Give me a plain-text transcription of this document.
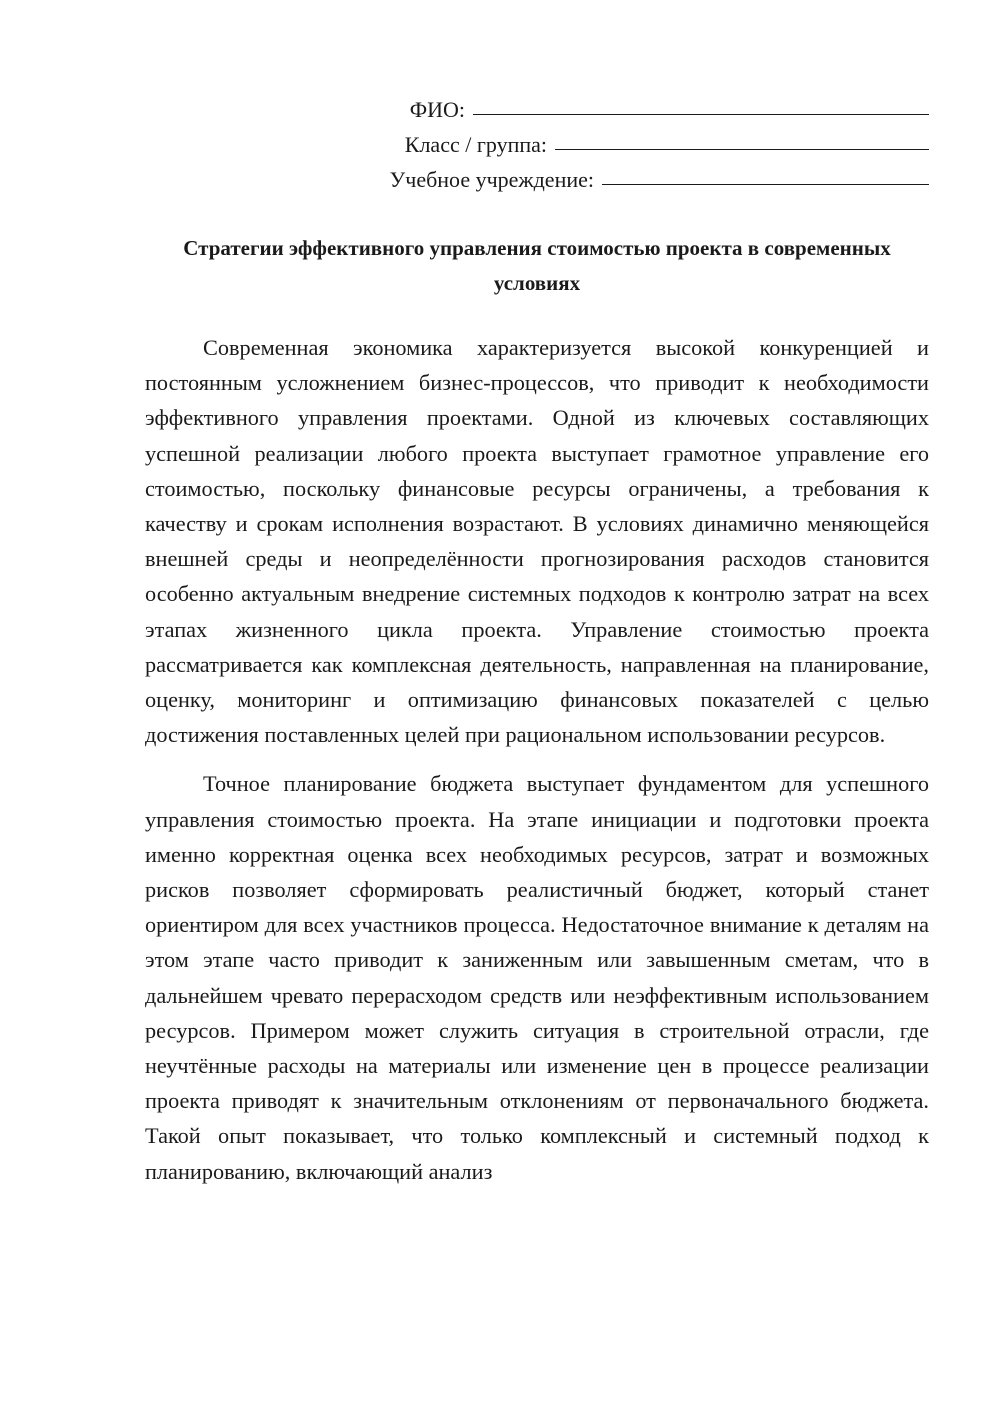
ФИО:
Класс / группа:
Учебное учреждение:
Стратегии эффективного управления стоимостью проекта в современных условиях

Современная экономика характеризуется высокой конкуренцией и постоянным усложнением бизнес-процессов, что приводит к необходимости эффективного управления проектами. Одной из ключевых составляющих успешной реализации любого проекта выступает грамотное управление его стоимостью, поскольку финансовые ресурсы ограничены, а требования к качеству и срокам исполнения возрастают. В условиях динамично меняющейся внешней среды и неопределённости прогнозирования расходов становится особенно актуальным внедрение системных подходов к контролю затрат на всех этапах жизненного цикла проекта. Управление стоимостью проекта рассматривается как комплексная деятельность, направленная на планирование, оценку, мониторинг и оптимизацию финансовых показателей с целью достижения поставленных целей при рациональном использовании ресурсов.

Точное планирование бюджета выступает фундаментом для успешного управления стоимостью проекта. На этапе инициации и подготовки проекта именно корректная оценка всех необходимых ресурсов, затрат и возможных рисков позволяет сформировать реалистичный бюджет, который станет ориентиром для всех участников процесса. Недостаточное внимание к деталям на этом этапе часто приводит к заниженным или завышенным сметам, что в дальнейшем чревато перерасходом средств или неэффективным использованием ресурсов. Примером может служить ситуация в строительной отрасли, где неучтённые расходы на материалы или изменение цен в процессе реализации проекта приводят к значительным отклонениям от первоначального бюджета. Такой опыт показывает, что только комплексный и системный подход к планированию, включающий анализ
